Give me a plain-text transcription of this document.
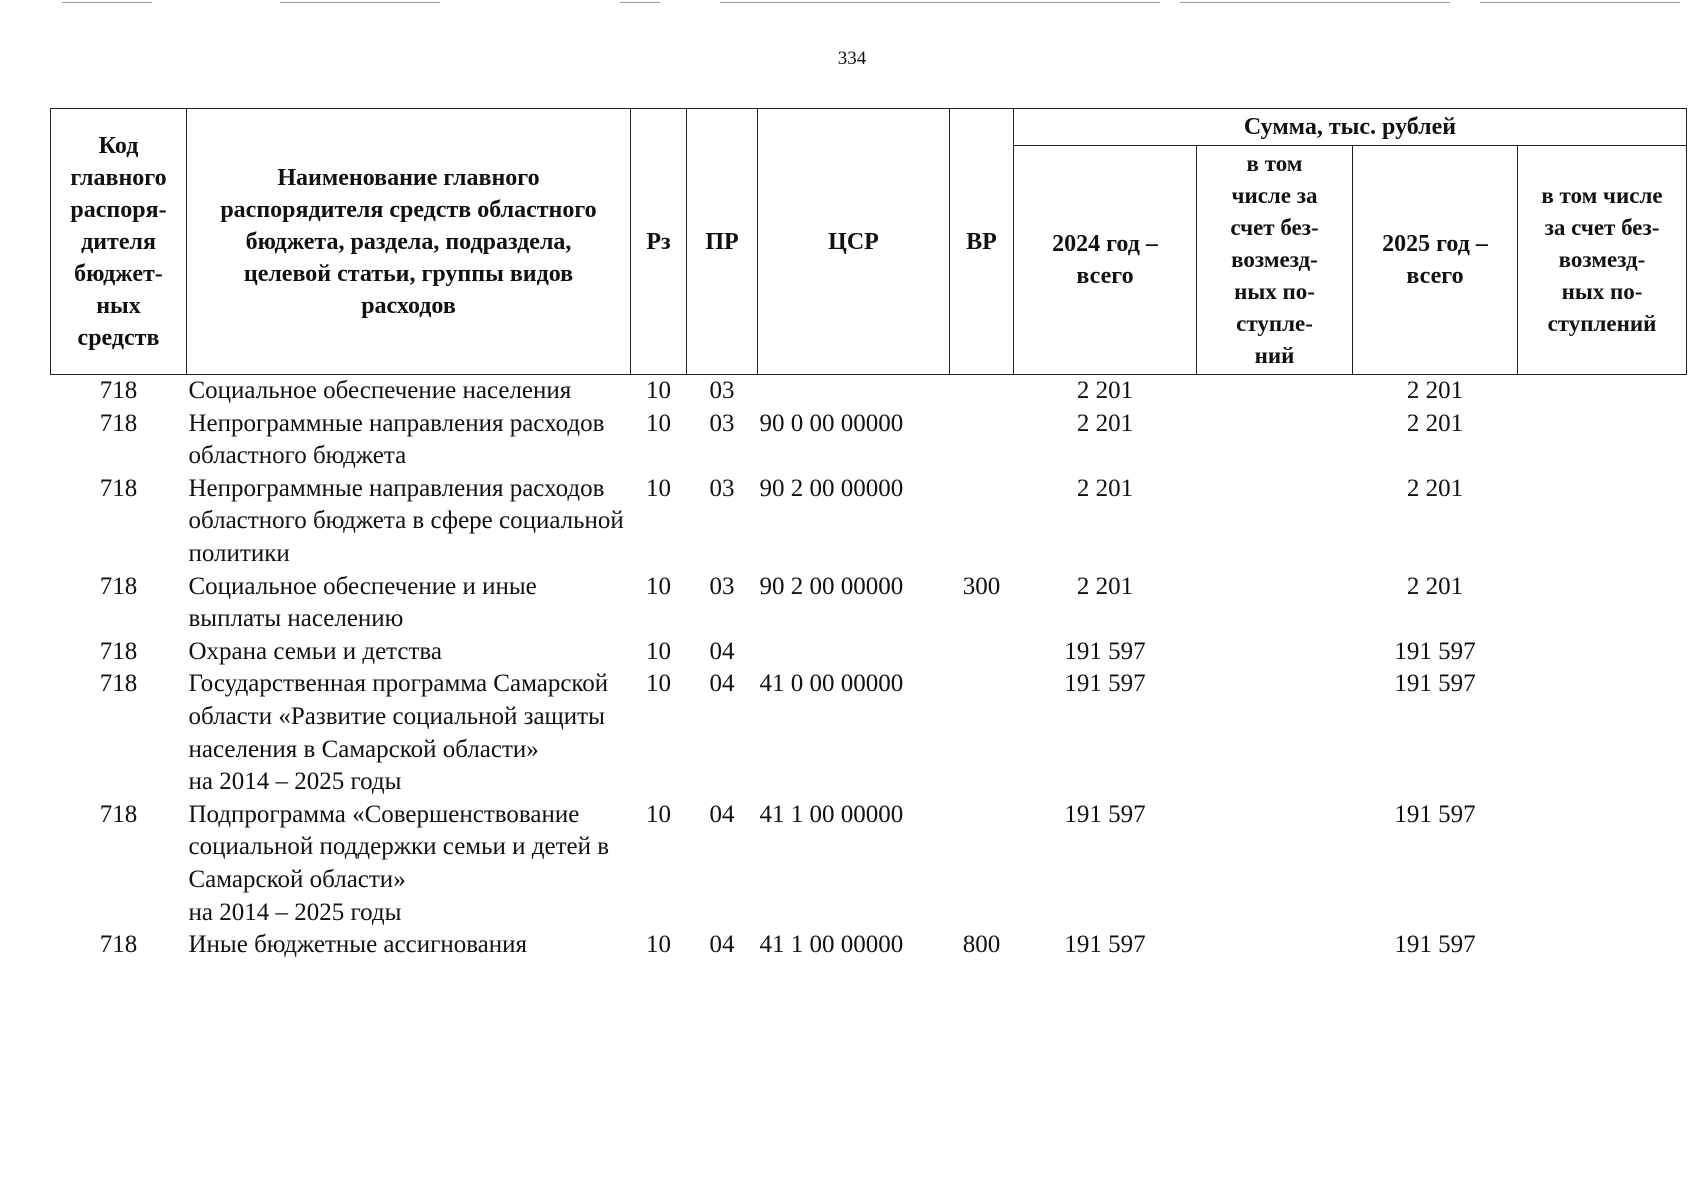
334
Код главного распоря-дителя бюджет-ных средств	Наименование главного распорядителя средств областного бюджета, раздела, подраздела, целевой статьи, группы видов расходов	Рз	ПР	ЦСР	ВР	Сумма, тыс. рублей			

						2024 год – всего	в том числе за счет без-возмезд-ных по-ступле-ний	2025 год – всего	в том числе за счет без-возмезд-ных по-ступлений

718	Социальное обеспечение населения	10	03			2 201		2 201	
718	Непрограммные направления расходов областного бюджета	10	03	90 0 00 00000		2 201		2 201	
718	Непрограммные направления расходов областного бюджета в сфере социальной политики	10	03	90 2 00 00000		2 201		2 201	
718	Социальное обеспечение и иные выплаты населению	10	03	90 2 00 00000	300	2 201		2 201	
718	Охрана семьи и детства	10	04			191 597		191 597	
718	Государственная программа Самарской области «Развитие социальной защиты населения в Самарской области»
на 2014 – 2025 годы	10	04	41 0 00 00000		191 597		191 597	
718	Подпрограмма «Совершенствование социальной поддержки семьи и детей в Самарской области»
на 2014 – 2025 годы	10	04	41 1 00 00000		191 597		191 597	
718	Иные бюджетные ассигнования	10	04	41 1 00 00000	800	191 597		191 597	
